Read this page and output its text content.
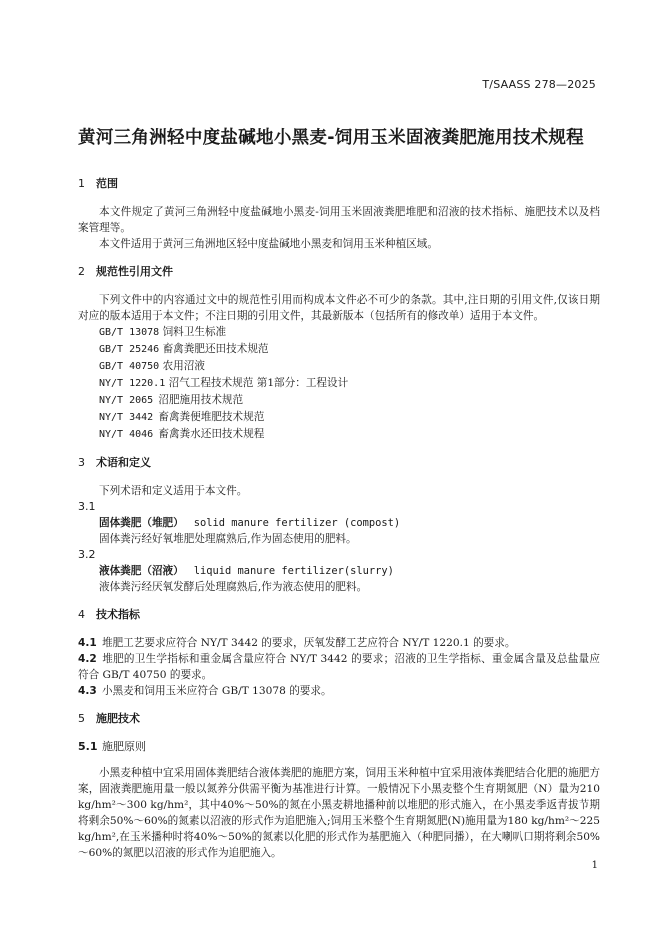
T/SAASS 278—2025
黄河三角洲轻中度盐碱地小黑麦-饲用玉米固液粪肥施用技术规程

1 范围

本文件规定了黄河三角洲轻中度盐碱地小黑麦-饲用玉米固液粪肥堆肥和沼液的技术指标、施肥技术以及档案管理等。

本文件适用于黄河三角洲地区轻中度盐碱地小黑麦和饲用玉米种植区域。

2 规范性引用文件

下列文件中的内容通过文中的规范性引用而构成本文件必不可少的条款。其中,注日期的引用文件,仅该日期对应的版本适用于本文件；不注日期的引用文件，其最新版本（包括所有的修改单）适用于本文件。

GB/T 13078 饲料卫生标准

GB/T 25246 畜禽粪肥还田技术规范

GB/T 40750 农用沼液

NY/T 1220.1 沼气工程技术规范 第1部分：工程设计

NY/T 2065 沼肥施用技术规范

NY/T 3442 畜禽粪便堆肥技术规范

NY/T 4046 畜禽粪水还田技术规程

3 术语和定义

下列术语和定义适用于本文件。

3.1

固体粪肥（堆肥） solid manure fertilizer (compost)

固体粪污经好氧堆肥处理腐熟后,作为固态使用的肥料。

3.2

液体粪肥（沼液） liquid manure fertilizer(slurry)

液体粪污经厌氧发酵后处理腐熟后,作为液态使用的肥料。

4 技术指标

4.1 堆肥工艺要求应符合 NY/T 3442 的要求，厌氧发酵工艺应符合 NY/T 1220.1 的要求。

4.2 堆肥的卫生学指标和重金属含量应符合 NY/T 3442 的要求；沼液的卫生学指标、重金属含量及总盐量应符合 GB/T 40750 的要求。

4.3 小黑麦和饲用玉米应符合 GB/T 13078 的要求。

5 施肥技术

5.1 施肥原则

小黑麦种植中宜采用固体粪肥结合液体粪肥的施肥方案，饲用玉米种植中宜采用液体粪肥结合化肥的施肥方案，固液粪肥施用量一般以氮养分供需平衡为基准进行计算。一般情况下小黑麦整个生育期氮肥（N）量为210 kg/hm²～300 kg/hm²，其中40%～50%的氮在小黑麦耕地播种前以堆肥的形式施入，在小黑麦季返青拔节期将剩余50%～60%的氮素以沼液的形式作为追肥施入;饲用玉米整个生育期氮肥(N)施用量为180 kg/hm²～225 kg/hm²,在玉米播种时将40%～50%的氮素以化肥的形式作为基肥施入（种肥同播），在大喇叭口期将剩余50%～60%的氮肥以沼液的形式作为追肥施入。

1
